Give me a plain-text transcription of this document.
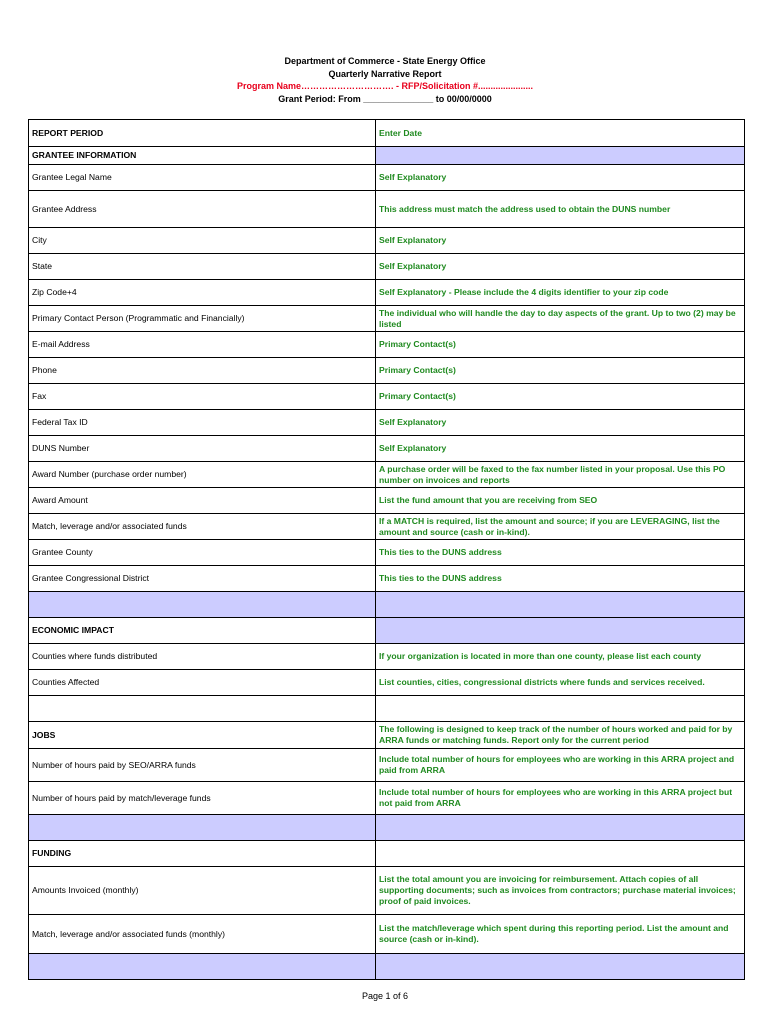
Department of Commerce - State Energy Office
Quarterly Narrative Report
Program Name…………………………. - RFP/Solicitation #......................
Grant Period: From ______________ to 00/00/0000
REPORT PERIOD	Enter Date
GRANTEE INFORMATION	
Grantee Legal Name	Self Explanatory
Grantee Address	This address must match the address used to obtain the DUNS number
City	Self Explanatory
State	Self Explanatory
Zip Code+4	Self Explanatory - Please include the 4 digits identifier to your zip code
Primary Contact Person (Programmatic and Financially)	The individual who will handle the day to day aspects of the grant. Up to two (2) may be listed
E-mail Address	Primary Contact(s)
Phone	Primary Contact(s)
Fax	Primary Contact(s)
Federal Tax ID	Self Explanatory
DUNS Number	Self Explanatory
Award Number (purchase order number)	A purchase order will be faxed to the fax number listed in your proposal. Use this PO number on invoices and reports
Award Amount	List the fund amount that you are receiving from SEO
Match, leverage and/or associated funds	If a MATCH is required, list the amount and source; if you are LEVERAGING, list the amount and source (cash or in-kind).
Grantee County	This ties to the DUNS address
Grantee Congressional District	This ties to the DUNS address

ECONOMIC IMPACT	
Counties where funds distributed	If your organization is located in more than one county, please list each county
Counties Affected	List counties, cities, congressional districts where funds and services received.

JOBS	The following is designed to keep track of the number of hours worked and paid for by ARRA funds or matching funds. Report only for the current period
Number of hours paid by SEO/ARRA funds	Include total number of hours for employees who are working in this ARRA project and paid from ARRA
Number of hours paid by match/leverage funds	Include total number of hours for employees who are working in this ARRA project but not paid from ARRA

FUNDING	
Amounts Invoiced (monthly)	List the total amount you are invoicing for reimbursement. Attach copies of all supporting documents; such as invoices from contractors; purchase material invoices; proof of paid invoices.
Match, leverage and/or associated funds (monthly)	List the match/leverage which spent during this reporting period. List the amount and source (cash or in-kind).

Page 1 of 6
